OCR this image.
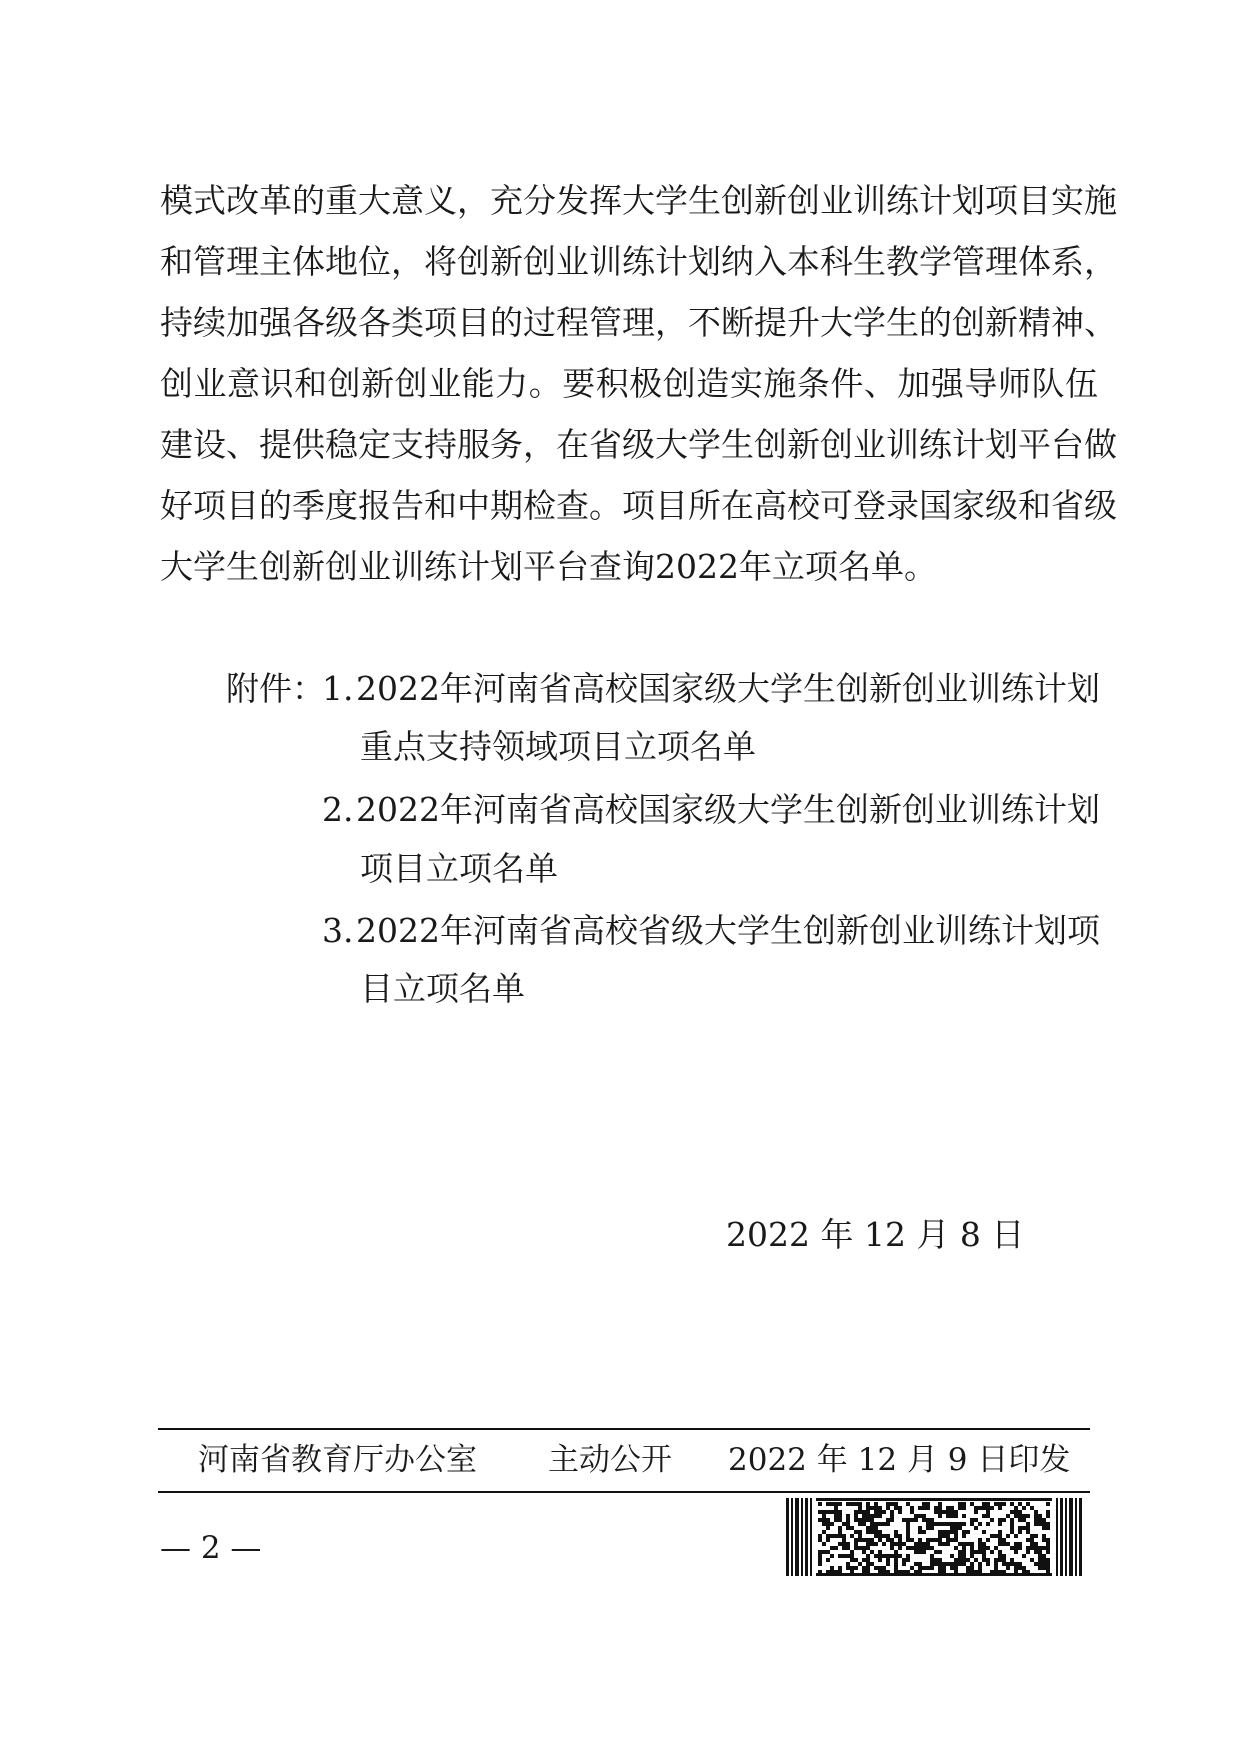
模式改革的重大意义，充分发挥大学生创新创业训练计划项目实施
和管理主体地位，将创新创业训练计划纳入本科生教学管理体系，
持续加强各级各类项目的过程管理，不断提升大学生的创新精神、
创业意识和创新创业能力。要积极创造实施条件、加强导师队伍
建设、提供稳定支持服务，在省级大学生创新创业训练计划平台做
好项目的季度报告和中期检查。项目所在高校可登录国家级和省级
大学生创新创业训练计划平台查询2022年立项名单。
附件：
1. 2022年河南省高校国家级大学生创新创业训练计划
重点支持领域项目立项名单
2. 2022年河南省高校国家级大学生创新创业训练计划
项目立项名单
3. 2022年河南省高校省级大学生创新创业训练计划项
目立项名单
2022 年 12 月 8 日
河南省教育厅办公室 主动公开 2022 年 12 月 9 日印发
— 2 —
